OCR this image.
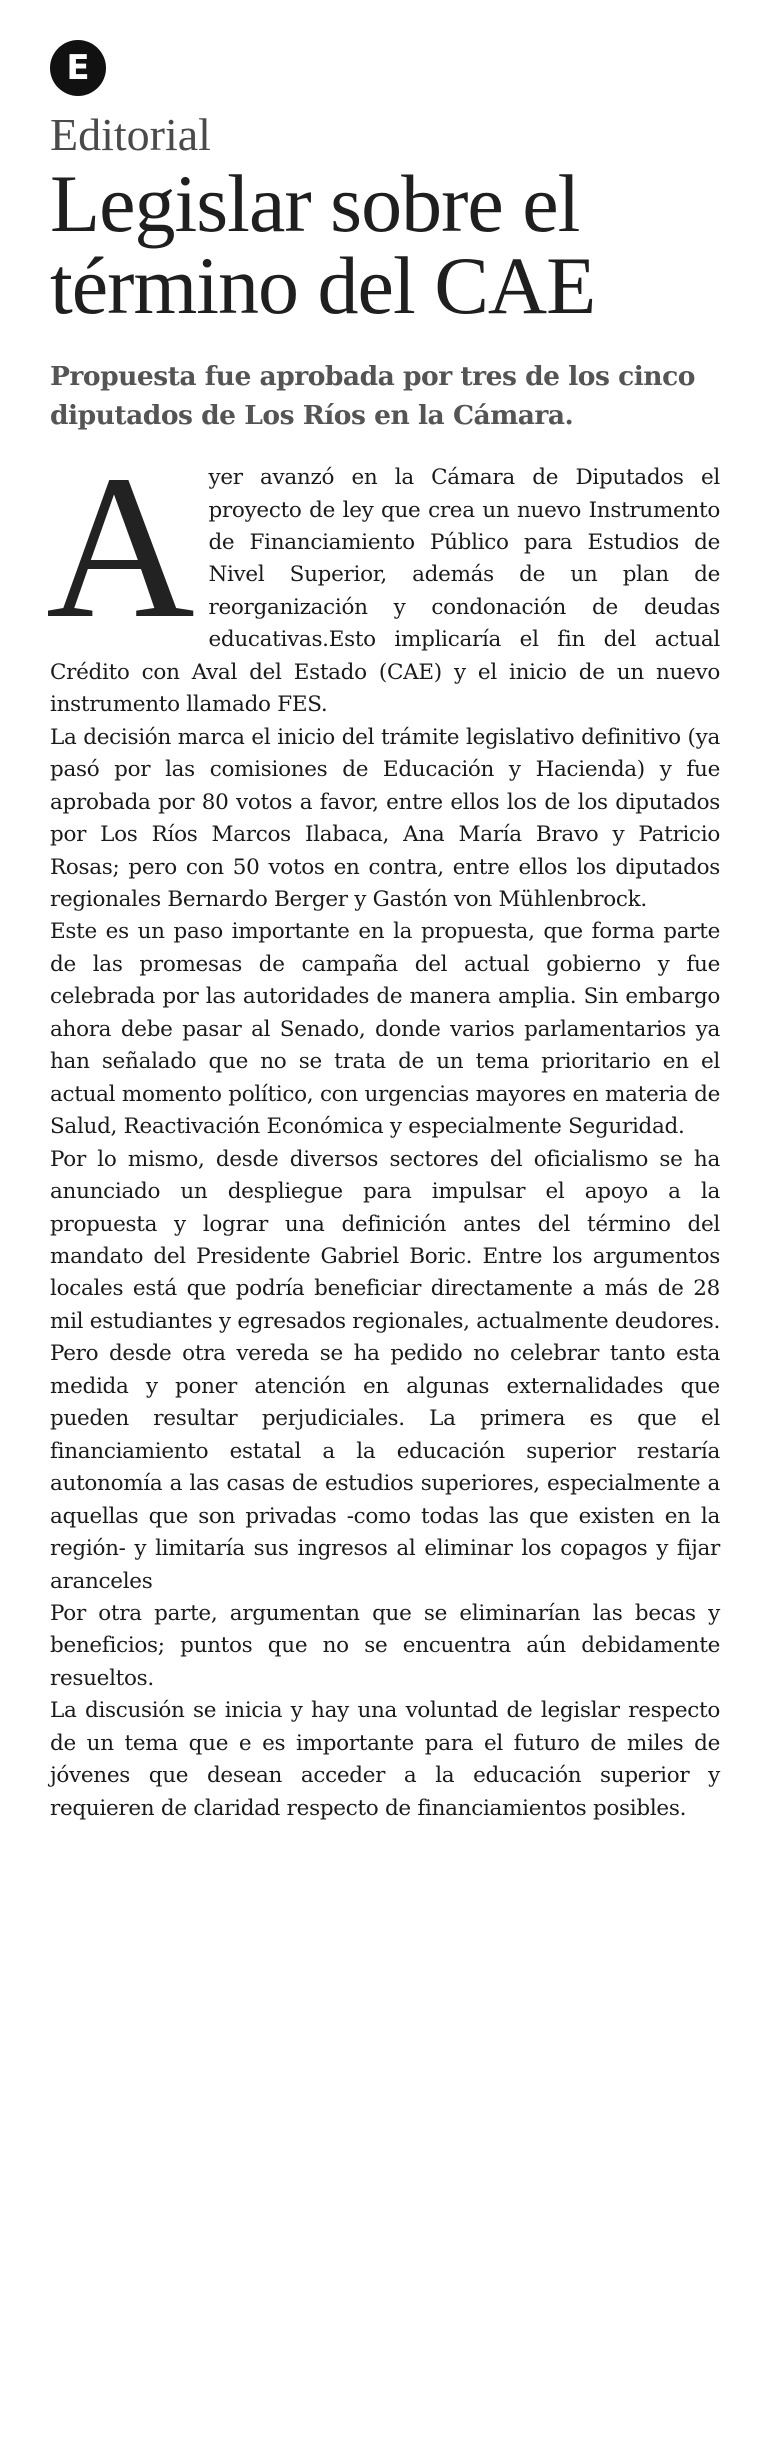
E
Editorial
Legislar sobre el
término del CAE
Propuesta fue aprobada por tres de los cinco diputados de Los Ríos en la Cámara.

Ayer avanzó en la Cámara de Diputados el proyecto de ley que crea un nuevo Instrumento de Financiamiento Público para Estudios de Nivel Superior, además de un plan de reorganización y condonación de deudas educativas.Esto implicaría el fin del actual Crédito con Aval del Estado (CAE) y el inicio de un nuevo instrumento llamado FES.

La decisión marca el inicio del trámite legislativo definitivo (ya pasó por las comisiones de Educación y Hacienda) y fue aprobada por 80 votos a favor, entre ellos los de los diputados por Los Ríos Marcos Ilabaca, Ana María Bravo y Patricio Rosas; pero con 50 votos en contra, entre ellos los diputados regionales Bernardo Berger y Gastón von Mühlenbrock.

Este es un paso importante en la propuesta, que forma parte de las promesas de campaña del actual gobierno y fue celebrada por las autoridades de manera amplia. Sin embargo ahora debe pasar al Senado, donde varios parlamentarios ya han señalado que no se trata de un tema prioritario en el actual momento político, con urgencias mayores en materia de Salud, Reactivación Económica y especialmente Seguridad.

Por lo mismo, desde diversos sectores del oficialismo se ha anunciado un despliegue para impulsar el apoyo a la propuesta y lograr una definición antes del término del mandato del Presidente Gabriel Boric. Entre los argumentos locales está que podría beneficiar directamente a más de 28 mil estudiantes y egresados regionales, actualmente deudores.

Pero desde otra vereda se ha pedido no celebrar tanto esta medida y poner atención en algunas externalidades que pueden resultar perjudiciales. La primera es que el financiamiento estatal a la educación superior restaría autonomía a las casas de estudios superiores, especialmente a aquellas que son privadas -como todas las que existen en la región- y limitaría sus ingresos al eliminar los copagos y fijar aranceles

Por otra parte, argumentan que se eliminarían las becas y beneficios; puntos que no se encuentra aún debidamente resueltos.

La discusión se inicia y hay una voluntad de legislar respecto de un tema que e es importante para el futuro de miles de jóvenes que desean acceder a la educación superior y requieren de claridad respecto de financiamientos posibles.
